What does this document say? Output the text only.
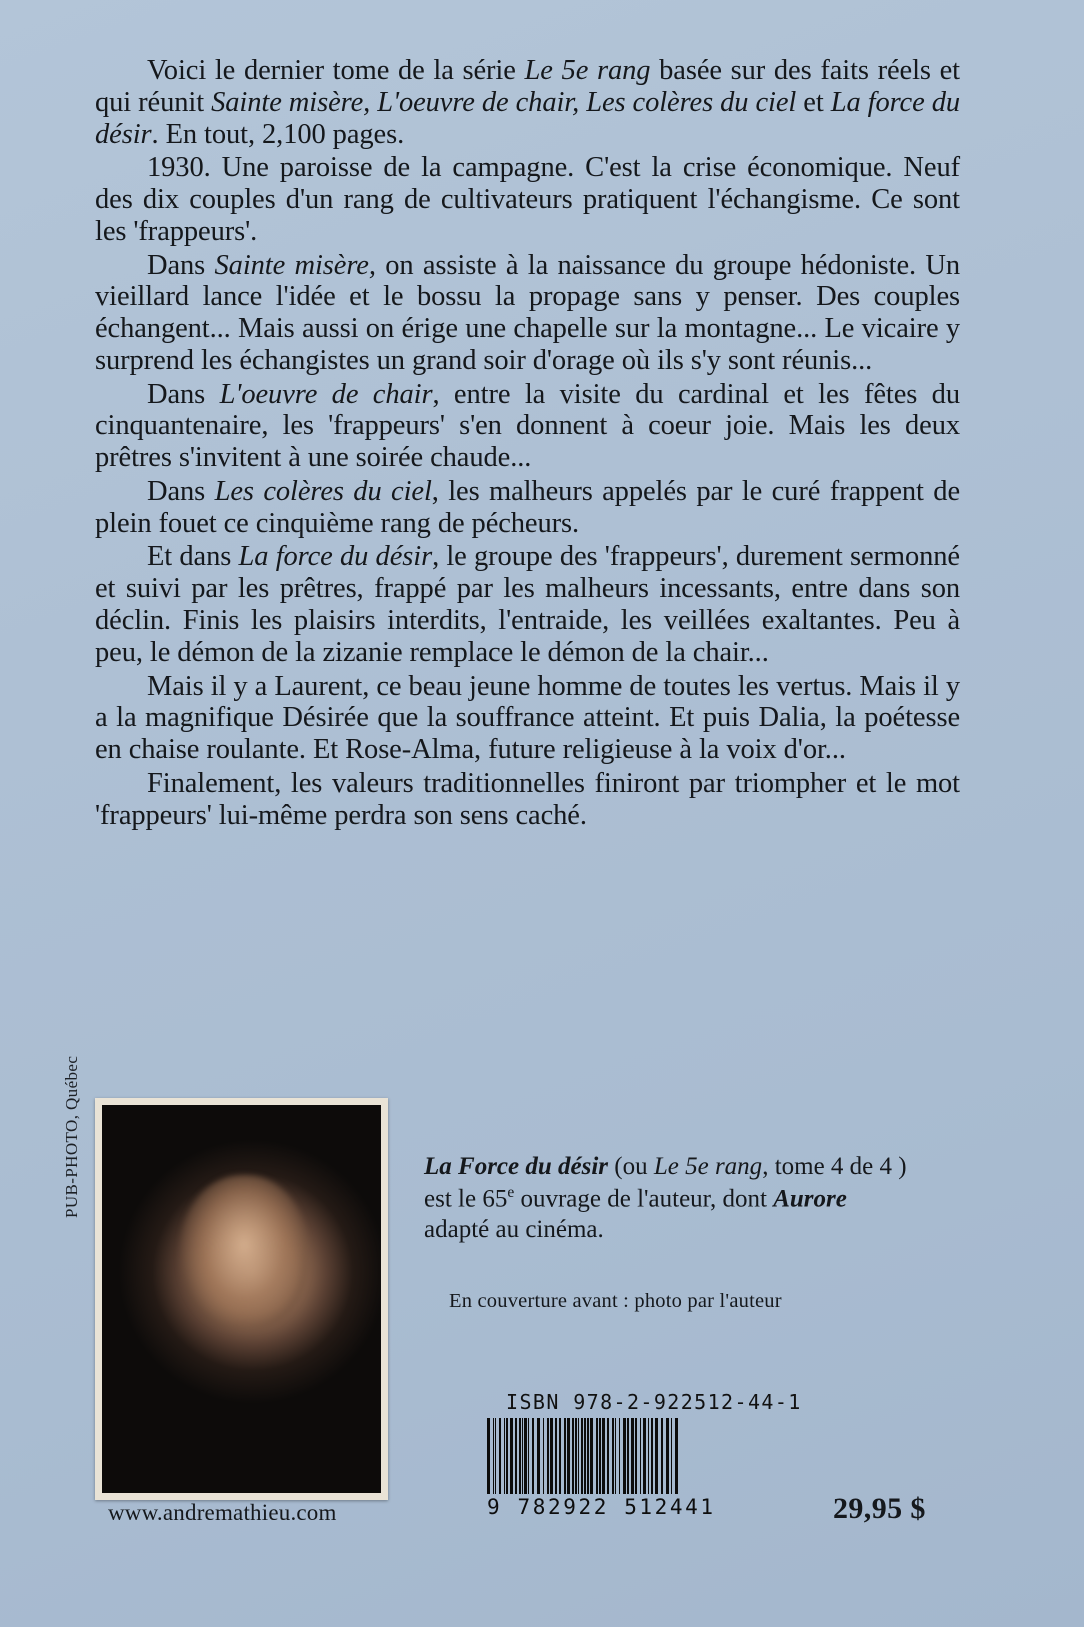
Voici le dernier tome de la série Le 5e rang basée sur des faits réels et qui réunit Sainte misère, L'oeuvre de chair, Les colères du ciel et La force du désir. En tout, 2,100 pages.

1930. Une paroisse de la campagne. C'est la crise économique. Neuf des dix couples d'un rang de cultivateurs pratiquent l'échangisme. Ce sont les 'frappeurs'.

Dans Sainte misère, on assiste à la naissance du groupe hédoniste. Un vieillard lance l'idée et le bossu la propage sans y penser. Des couples échangent... Mais aussi on érige une chapelle sur la montagne... Le vicaire y surprend les échangistes un grand soir d'orage où ils s'y sont réunis...

Dans L'oeuvre de chair, entre la visite du cardinal et les fêtes du cinquantenaire, les 'frappeurs' s'en donnent à coeur joie. Mais les deux prêtres s'invitent à une soirée chaude...

Dans Les colères du ciel, les malheurs appelés par le curé frappent de plein fouet ce cinquième rang de pécheurs.

Et dans La force du désir, le groupe des 'frappeurs', durement sermonné et suivi par les prêtres, frappé par les malheurs incessants, entre dans son déclin. Finis les plaisirs interdits, l'entraide, les veillées exaltantes. Peu à peu, le démon de la zizanie remplace le démon de la chair...

Mais il y a Laurent, ce beau jeune homme de toutes les vertus. Mais il y a la magnifique Désirée que la souffrance atteint. Et puis Dalia, la poétesse en chaise roulante. Et Rose-Alma, future religieuse à la voix d'or...

Finalement, les valeurs traditionnelles finiront par triompher et le mot 'frappeurs' lui-même perdra son sens caché.

PUB-PHOTO, Québec
www.andremathieu.com

La Force du désir (ou Le 5e rang, tome 4 de 4 ) est le 65e ouvrage de l'auteur, dont Aurore adapté au cinéma.

En couverture avant : photo par l'auteur
ISBN 978-2-922512-44-1
9 782922 512441	29,95 $
